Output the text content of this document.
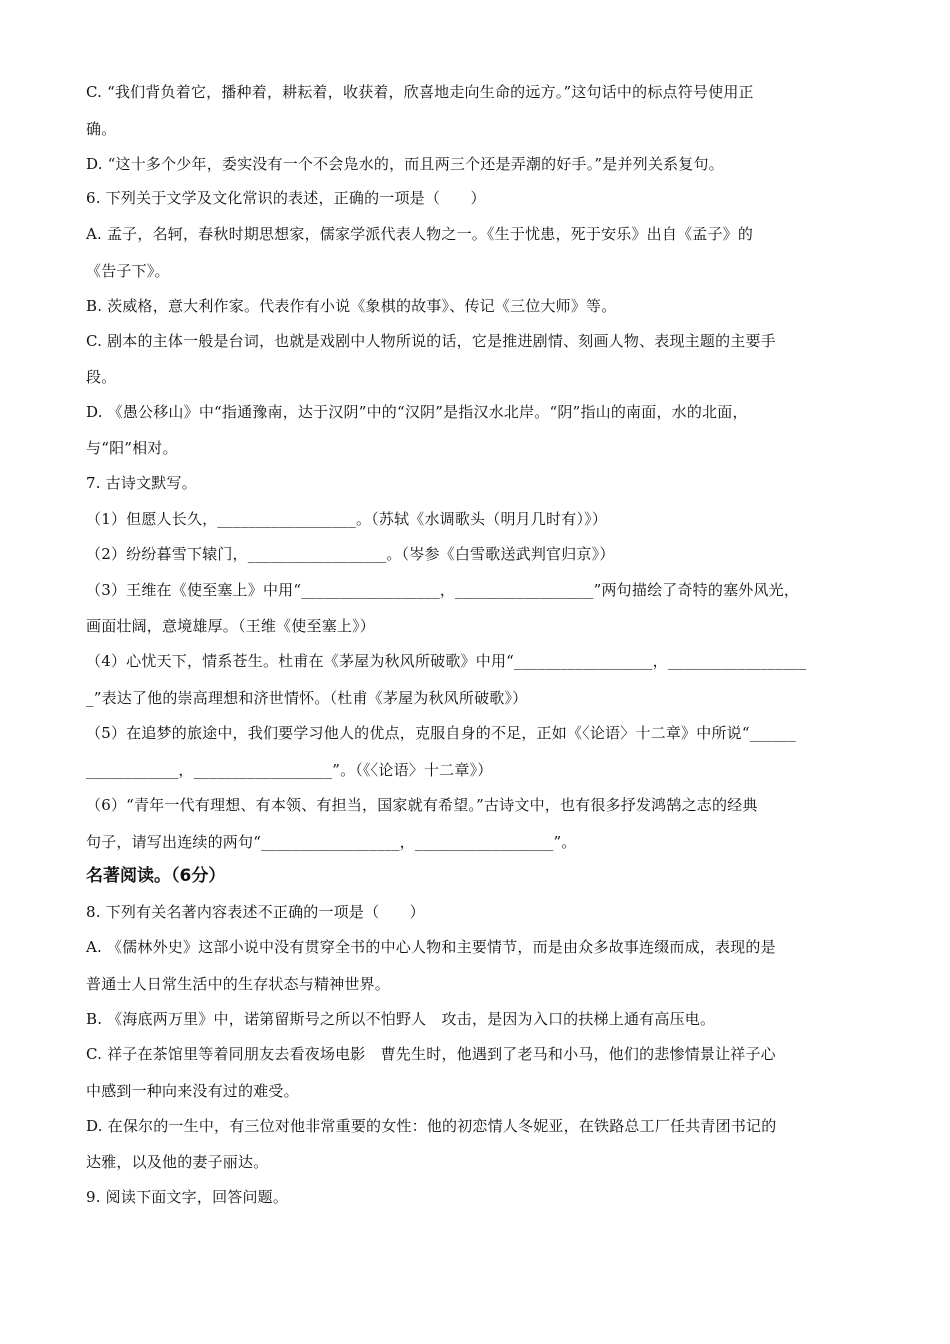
C. “我们背负着它，播种着，耕耘着，收获着，欣喜地走向生命的远方。”这句话中的标点符号使用正
确。
D. “这十多个少年，委实没有一个不会凫水的，而且两三个还是弄潮的好手。”是并列关系复句。
6. 下列关于文学及文化常识的表述，正确的一项是（　　）
A. 孟子，名轲，春秋时期思想家，儒家学派代表人物之一。《生于忧患，死于安乐》出自《孟子》的
《告子下》。
B. 茨威格，意大利作家。代表作有小说《象棋的故事》、传记《三位大师》等。
C. 剧本的主体一般是台词，也就是戏剧中人物所说的话，它是推进剧情、刻画人物、表现主题的主要手
段。
D. 《愚公移山》中“指通豫南，达于汉阴”中的“汉阴”是指汉水北岸。“阴”指山的南面，水的北面，
与“阳”相对。
7. 古诗文默写。
（1）但愿人长久，__________________。（苏轼《水调歌头（明月几时有）》）
（2）纷纷暮雪下辕门，__________________。（岑参《白雪歌送武判官归京》）
（3）王维在《使至塞上》中用“__________________，__________________”两句描绘了奇特的塞外风光，
画面壮阔，意境雄厚。（王维《使至塞上》）
（4）心忧天下，情系苍生。杜甫在《茅屋为秋风所破歌》中用“__________________，__________________
_”表达了他的崇高理想和济世情怀。（杜甫《茅屋为秋风所破歌》）
（5）在追梦的旅途中，我们要学习他人的优点，克服自身的不足，正如《〈论语〉十二章》中所说“______
____________，__________________”。（《〈论语〉十二章》）
（6）“青年一代有理想、有本领、有担当，国家就有希望。”古诗文中，也有很多抒发鸿鹄之志的经典
句子，请写出连续的两句“__________________，__________________”。
名著阅读。（6分）
8. 下列有关名著内容表述不正确的一项是（　　）
A. 《儒林外史》这部小说中没有贯穿全书的中心人物和主要情节，而是由众多故事连缀而成，表现的是
普通士人日常生活中的生存状态与精神世界。
B. 《海底两万里》中，诺第留斯号之所以不怕野人　攻击，是因为入口的扶梯上通有高压电。
C. 祥子在茶馆里等着同朋友去看夜场电影　曹先生时，他遇到了老马和小马，他们的悲惨情景让祥子心
中感到一种向来没有过的难受。
D. 在保尔的一生中，有三位对他非常重要的女性：他的初恋情人冬妮亚，在铁路总工厂任共青团书记的
达雅，以及他的妻子丽达。
9. 阅读下面文字，回答问题。
